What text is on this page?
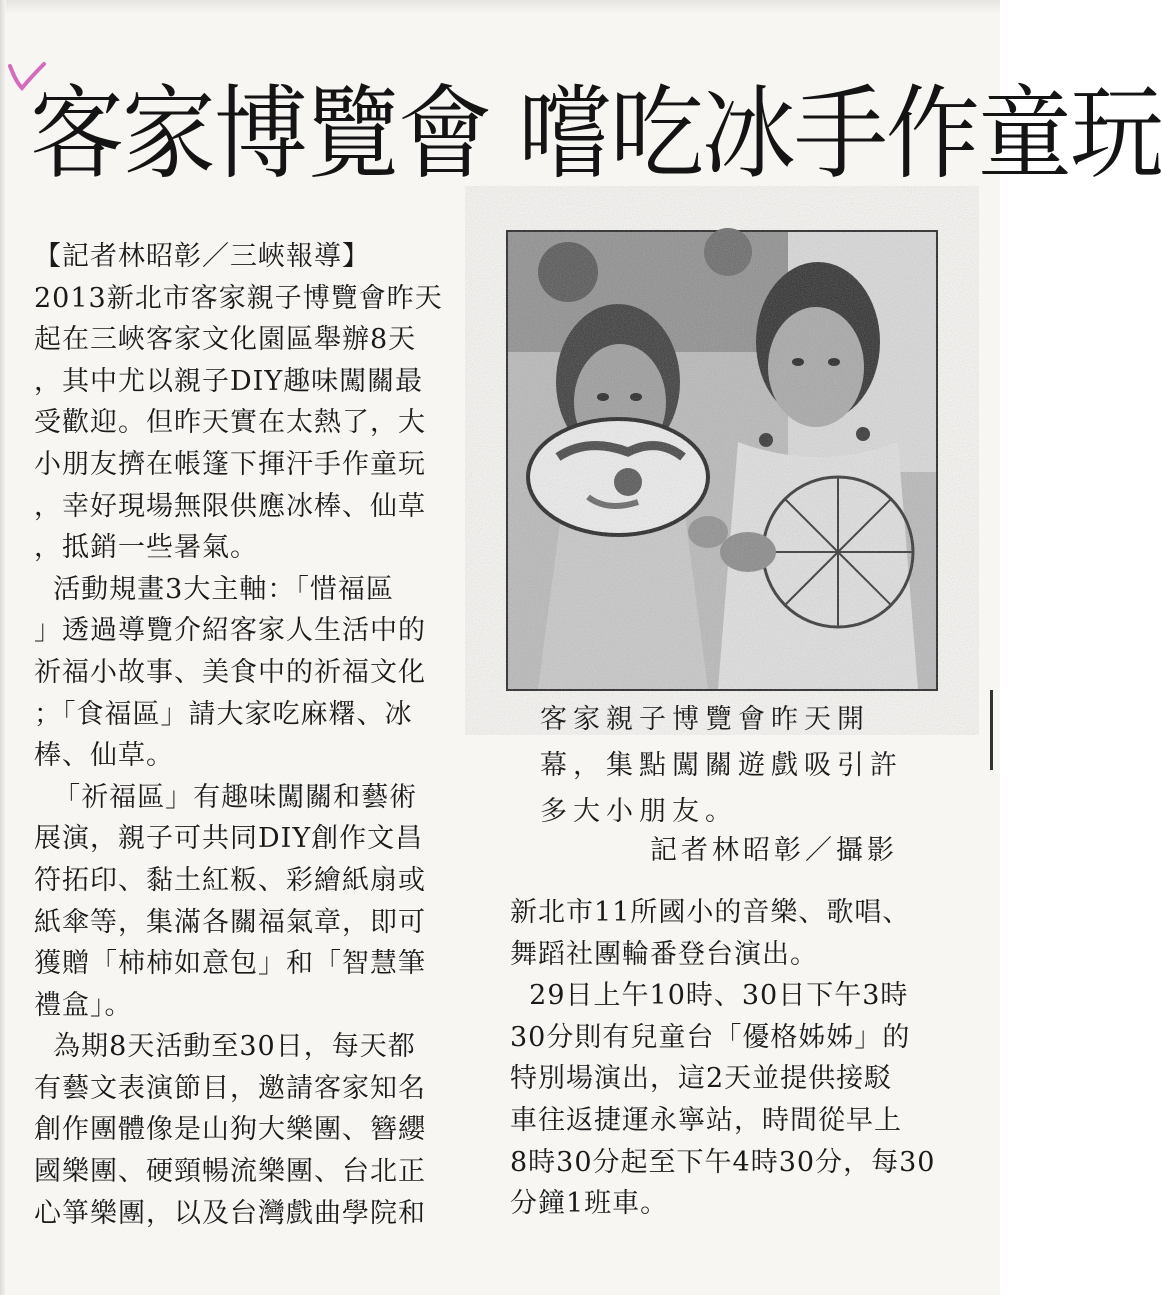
客家博覽會 嚐吃冰手作童玩
【記者林昭彰／三峽報導】
2013新北市客家親子博覽會昨天
起在三峽客家文化園區舉辦8天
，其中尤以親子DIY趣味闖關最
受歡迎。但昨天實在太熱了，大
小朋友擠在帳篷下揮汗手作童玩
，幸好現場無限供應冰棒、仙草
，抵銷一些暑氣。
活動規畫3大主軸：「惜福區
」透過導覽介紹客家人生活中的
祈福小故事、美食中的祈福文化
；「食福區」請大家吃麻糬、冰
棒、仙草。
「祈福區」有趣味闖關和藝術
展演，親子可共同DIY創作文昌
符拓印、黏土紅粄、彩繪紙扇或
紙傘等，集滿各關福氣章，即可
獲贈「柿柿如意包」和「智慧筆
禮盒」。
為期8天活動至30日，每天都
有藝文表演節目，邀請客家知名
創作團體像是山狗大樂團、簪纓
國樂團、硬頸暢流樂團、台北正
心箏樂團，以及台灣戲曲學院和
客家親子博覽會昨天開
幕，集點闖關遊戲吸引許
多大小朋友。
記者林昭彰／攝影
新北市11所國小的音樂、歌唱、
舞蹈社團輪番登台演出。
29日上午10時、30日下午3時
30分則有兒童台「優格姊姊」的
特別場演出，這2天並提供接駁
車往返捷運永寧站，時間從早上
8時30分起至下午4時30分，每30
分鐘1班車。
